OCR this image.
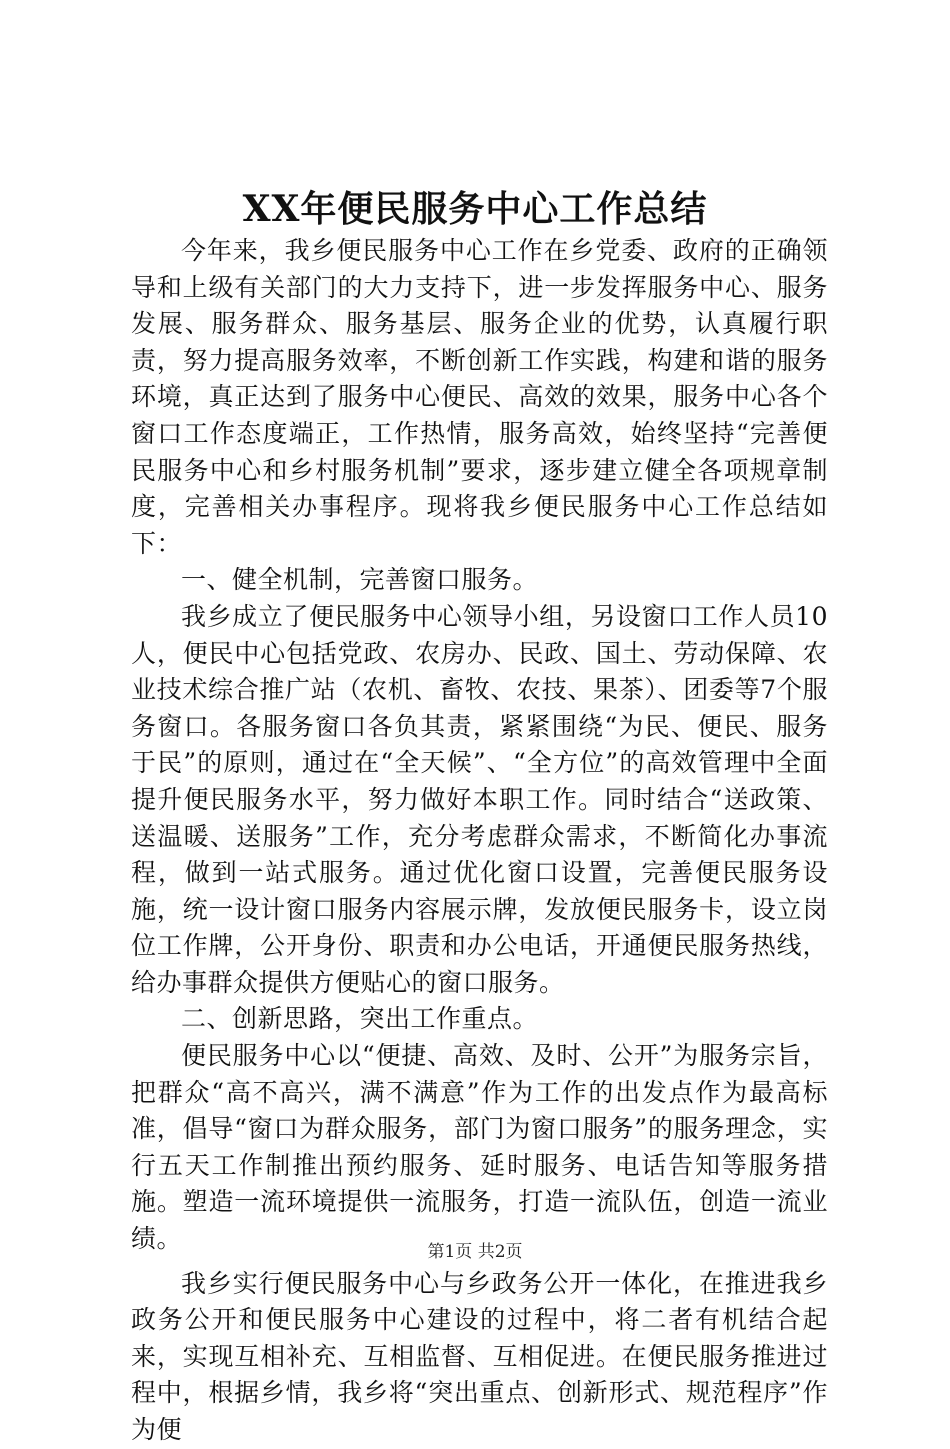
XX年便民服务中心工作总结

今年来，我乡便民服务中心工作在乡党委、政府的正确领导和上级有关部门的大力支持下，进一步发挥服务中心、服务发展、服务群众、服务基层、服务企业的优势，认真履行职责，努力提高服务效率，不断创新工作实践，构建和谐的服务环境，真正达到了服务中心便民、高效的效果，服务中心各个窗口工作态度端正，工作热情，服务高效，始终坚持“完善便民服务中心和乡村服务机制”要求，逐步建立健全各项规章制度，完善相关办事程序。现将我乡便民服务中心工作总结如下：

一、健全机制，完善窗口服务。

我乡成立了便民服务中心领导小组，另设窗口工作人员10人，便民中心包括党政、农房办、民政、国土、劳动保障、农业技术综合推广站（农机、畜牧、农技、果茶）、团委等7个服务窗口。各服务窗口各负其责，紧紧围绕“为民、便民、服务于民”的原则，通过在“全天候”、“全方位”的高效管理中全面提升便民服务水平，努力做好本职工作。同时结合“送政策、送温暖、送服务”工作，充分考虑群众需求，不断简化办事流程，做到一站式服务。通过优化窗口设置，完善便民服务设施，统一设计窗口服务内容展示牌，发放便民服务卡，设立岗位工作牌，公开身份、职责和办公电话，开通便民服务热线，给办事群众提供方便贴心的窗口服务。

二、创新思路，突出工作重点。

便民服务中心以“便捷、高效、及时、公开”为服务宗旨，把群众“高不高兴，满不满意”作为工作的出发点作为最高标准，倡导“窗口为群众服务，部门为窗口服务”的服务理念，实行五天工作制推出预约服务、延时服务、电话告知等服务措施。塑造一流环境提供一流服务，打造一流队伍，创造一流业绩。

我乡实行便民服务中心与乡政务公开一体化，在推进我乡政务公开和便民服务中心建设的过程中，将二者有机结合起来，实现互相补充、互相监督、互相促进。在便民服务推进过程中，根据乡情，我乡将“突出重点、创新形式、规范程序”作为便

第1页 共2页
